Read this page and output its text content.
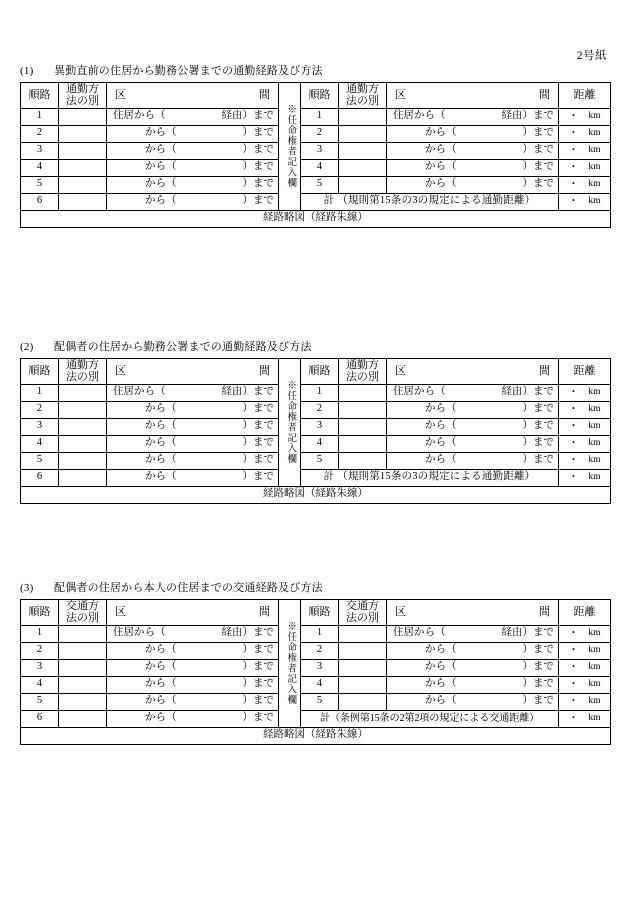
2号紙
(1) 異動直前の住居から勤務公署までの通勤経路及び方法
順路	通勤方
法の別	区 間	※任命権者記入欄	順路	通勤方
法の別	区 間	距離
1		住居から（ 経由）まで		1		住居から（ 経由）まで	・ km

2		から（ ）まで		2		から（ ）まで	・ km

3		から（ ）まで		3		から（ ）まで	・ km

4		から（ ）まで		4		から（ ）まで	・ km

5		から（ ）まで		5		から（ ）まで	・ km

6		から（ ）まで		計 （規則第15条の3の規定による通勤距離）			・ km

経路略図（経路朱線）							
(2) 配偶者の住居から勤務公署までの通勤経路及び方法
順路	通勤方
法の別	区 間	※任命権者記入欄	順路	通勤方
法の別	区 間	距離
1		住居から（ 経由）まで		1		住居から（ 経由）まで	・ km

2		から（ ）まで		2		から（ ）まで	・ km

3		から（ ）まで		3		から（ ）まで	・ km

4		から（ ）まで		4		から（ ）まで	・ km

5		から（ ）まで		5		から（ ）まで	・ km

6		から（ ）まで		計 （規則第15条の3の規定による通勤距離）			・ km

経路略図（経路朱線）							
(3) 配偶者の住居から本人の住居までの交通経路及び方法
順路	交通方
法の別	区 間	※任命権者記入欄	順路	交通方
法の別	区 間	距離
1		住居から（ 経由）まで		1		住居から（ 経由）まで	・ km

2		から（ ）まで		2		から（ ）まで	・ km

3		から（ ）まで		3		から（ ）まで	・ km

4		から（ ）まで		4		から（ ）まで	・ km

5		から（ ）まで		5		から（ ）まで	・ km

6		から（ ）まで		計（条例第15条の2第2項の規定による交通距離）			・ km

経路略図（経路朱線）							
